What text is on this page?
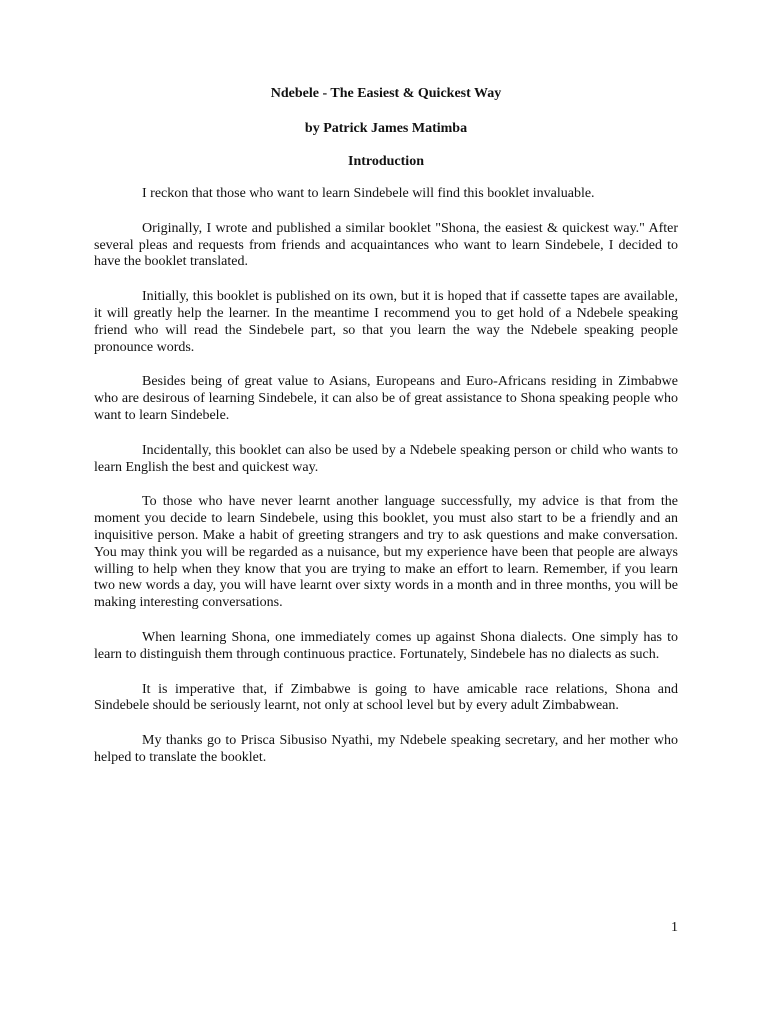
Ndebele - The Easiest & Quickest Way
by Patrick James Matimba
Introduction

I reckon that those who want to learn Sindebele will find this booklet invaluable.

Originally, I wrote and published a similar booklet "Shona, the easiest & quickest way." After several pleas and requests from friends and acquaintances who want to learn Sindebele, I decided to have the booklet translated.

Initially, this booklet is published on its own, but it is hoped that if cassette tapes are available, it will greatly help the learner. In the meantime I recommend you to get hold of a Ndebele speaking friend who will read the Sindebele part, so that you learn the way the Ndebele speaking people pronounce words.

Besides being of great value to Asians, Europeans and Euro-Africans residing in Zimbabwe who are desirous of learning Sindebele, it can also be of great assistance to Shona speaking people who want to learn Sindebele.

Incidentally, this booklet can also be used by a Ndebele speaking person or child who wants to learn English the best and quickest way.

To those who have never learnt another language successfully, my advice is that from the moment you decide to learn Sindebele, using this booklet, you must also start to be a friendly and an inquisitive person. Make a habit of greeting strangers and try to ask questions and make conversation. You may think you will be regarded as a nuisance, but my experience have been that people are always willing to help when they know that you are trying to make an effort to learn. Remember, if you learn two new words a day, you will have learnt over sixty words in a month and in three months, you will be making interesting conversations.

When learning Shona, one immediately comes up against Shona dialects. One simply has to learn to distinguish them through continuous practice. Fortunately, Sindebele has no dialects as such.

It is imperative that, if Zimbabwe is going to have amicable race relations, Shona and Sindebele should be seriously learnt, not only at school level but by every adult Zimbabwean.

My thanks go to Prisca Sibusiso Nyathi, my Ndebele speaking secretary, and her mother who helped to translate the booklet.

1
